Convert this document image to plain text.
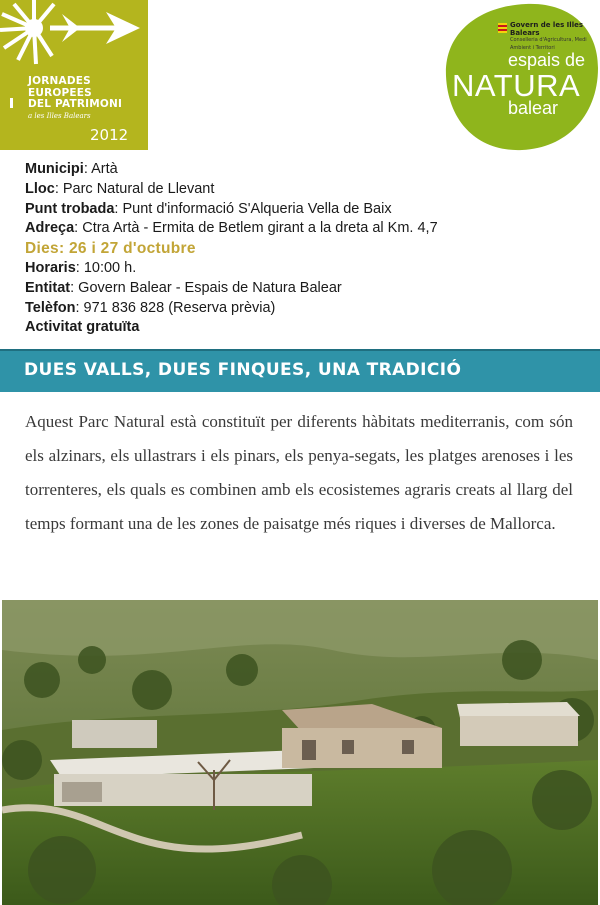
JORNADES
EUROPEES
DEL PATRIMONI
a les Illes Balears
2012
Govern de les Illes Balears
Conselleria d'Agricultura, Medi Ambient i Territori
espais de
NATURA
balear
Municipi: Artà
Lloc: Parc Natural de Llevant
Punt trobada: Punt d'informació S'Alqueria Vella de Baix
Adreça: Ctra Artà - Ermita de Betlem girant a la dreta al Km. 4,7
Dies: 26 i 27 d'octubre
Horaris: 10:00 h.
Entitat: Govern Balear - Espais de Natura Balear
Telèfon: 971 836 828 (Reserva prèvia)
Activitat gratuïta
DUES VALLS, DUES FINQUES, UNA TRADICIÓ
Aquest Parc Natural està constituït per diferents hàbitats mediterranis, com són els alzinars, els ullastrars i els pinars, els penya-segats, les platges arenoses i les torrenteres, els quals es combinen amb els ecosistemes agraris creats al llarg del temps formant una de les zones de paisatge més riques i diverses de Mallorca.
